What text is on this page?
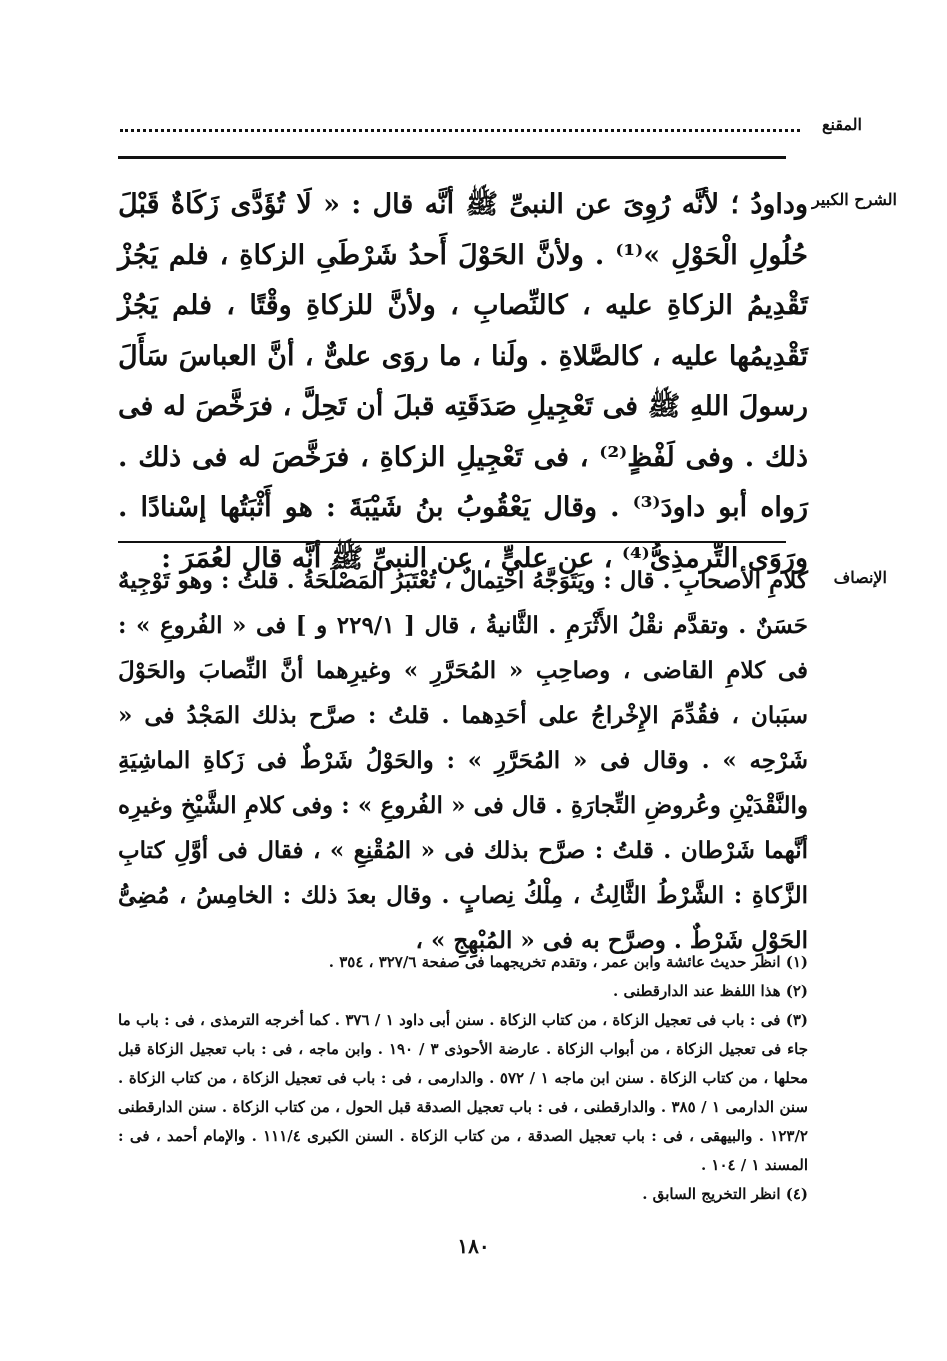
المقنع
الشرح الكبير

وداودُ ؛ لأنَّه رُوِىَ عن النبىِّ ﷺ أنَّه قال : « لَا تُؤَدَّى زَكَاةٌ قَبْلَ حُلُولِ الْحَوْلِ »⁽¹⁾ . ولأنَّ الحَوْلَ أَحدُ شَرْطَىِ الزكاةِ ، فلم يَجُزْ تَقْدِيمُ الزكاةِ عليه ، كالنِّصابِ ، ولأنَّ للزكاةِ وقْتًا ، فلم يَجُزْ تَقْدِيمُها عليه ، كالصَّلاةِ . ولَنا ، ما روَى علىٌّ ، أنَّ العباسَ سَأَلَ رسولَ اللهِ ﷺ فى تَعْجِيلِ صَدَقَتِه قبلَ أن تَحِلَّ ، فرَخَّصَ له فى ذلك . وفى لَفْظٍ⁽²⁾ ، فى تَعْجِيلِ الزكاةِ ، فرَخَّصَ له فى ذلك . رَواه أبو داودَ⁽³⁾ . وقال يَعْقُوبُ بنُ شَيْبَةَ : هو أَثْبَتُها إسْنادًا . ورَوَى التِّرمذِىُّ⁽⁴⁾ ، عن علىٍّ ، عن النبىِّ ﷺ أنَّه قال لعُمَرَ :

الإنصاف

كلامِ الأصحابِ . قال : ويَتَوَجَّهُ احْتِمالٌ ، تُعْتَبَرُ المَصْلَحَةُ . قلتُ : وهو تَوْجِيهٌ حَسَنٌ . وتقدَّم نقْلُ الأَثْرَمِ . الثَّانيةُ ، قال [ ٢٢٩/١ و ] فى « الفُروعِ » : فى كلامِ القاضى ، وصاحِبِ « المُحَرَّرِ » وغيرِهما أنَّ النِّصابَ والحَوْلَ سبَبان ، فقُدِّمَ الإِخْراجُ على أحَدِهما . قلتُ : صرَّح بذلك المَجْدُ فى « شَرْحِه » . وقال فى « المُحَرَّرِ » : والحَوْلُ شَرْطٌ فى زَكاةِ الماشِيَةِ والنَّقْدَيْنِ وعُروضِ التِّجارَةِ . قال فى « الفُروعِ » : وفى كلامِ الشَّيْخِ وغيرِه أنَّهما شَرْطان . قلتُ : صرَّح بذلك فى « المُقْنِعِ » ، فقال فى أوَّلِ كتابِ الزَّكاةِ : الشَّرْطُ الثَّالِثُ ، مِلْكُ نِصابٍ . وقال بعدَ ذلك : الخامِسُ ، مُضِىُّ الحَوْلِ شَرْطٌ . وصرَّح به فى « المُبْهِجِ » ،

(١) انظر حديث عائشة وابن عمر ، وتقدم تخريجهما فى صفحة ٣٢٧/٦ ، ٣٥٤ .

(٢) هذا اللفظ عند الدارقطنى .

(٣) فى : باب فى تعجيل الزكاة ، من كتاب الزكاة . سنن أبى داود ١ / ٣٧٦ . كما أخرجه الترمذى ، فى : باب ما جاء فى تعجيل الزكاة ، من أبواب الزكاة . عارضة الأحوذى ٣ / ١٩٠ . وابن ماجه ، فى : باب تعجيل الزكاة قبل محلها ، من كتاب الزكاة . سنن ابن ماجه ١ / ٥٧٢ . والدارمى ، فى : باب فى تعجيل الزكاة ، من كتاب الزكاة . سنن الدارمى ١ / ٣٨٥ . والدارقطنى ، فى : باب تعجيل الصدقة قبل الحول ، من كتاب الزكاة . سنن الدارقطنى ١٢٣/٢ . والبيهقى ، فى : باب تعجيل الصدقة ، من كتاب الزكاة . السنن الكبرى ١١١/٤ . والإمام أحمد ، فى : المسند ١ / ١٠٤ .

(٤) انظر التخريج السابق .

١٨٠
